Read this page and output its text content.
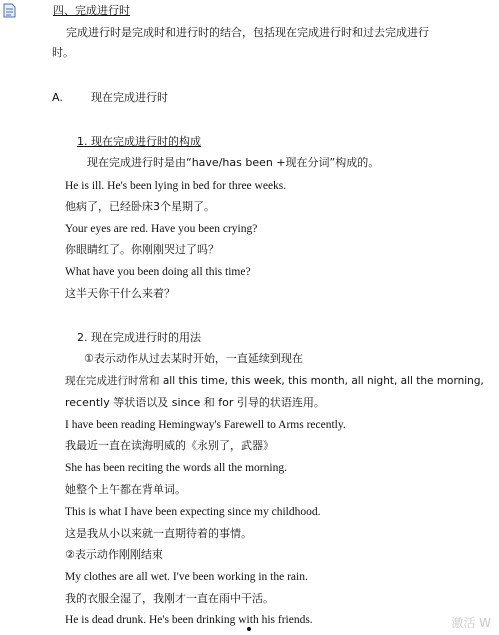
四、完成进行时
完成进行时是完成时和进行时的结合，包括现在完成进行时和过去完成进行
时。
A.	现在完成进行时
1. 现在完成进行时的构成
现在完成进行时是由“have/has been +现在分词”构成的。
He is ill. He's been lying in bed for three weeks.
他病了，已经卧床3个星期了。
Your eyes are red. Have you been crying?
你眼睛红了。你刚刚哭过了吗？
What have you been doing all this time?
这半天你干什么来着？
2. 现在完成进行时的用法
①表示动作从过去某时开始，一直延续到现在
现在完成进行时常和 all this time, this week, this month, all night, all the morning,
recently 等状语以及 since 和 for 引导的状语连用。
I have been reading Hemingway's Farewell to Arms recently.
我最近一直在读海明威的《永别了，武器》
She has been reciting the words all the morning.
她整个上午都在背单词。
This is what I have been expecting since my childhood.
这是我从小以来就一直期待着的事情。
②表示动作刚刚结束
My clothes are all wet. I've been working in the rain.
我的衣服全湿了，我刚才一直在雨中干活。
He is dead drunk. He's been drinking with his friends.	激活 W
